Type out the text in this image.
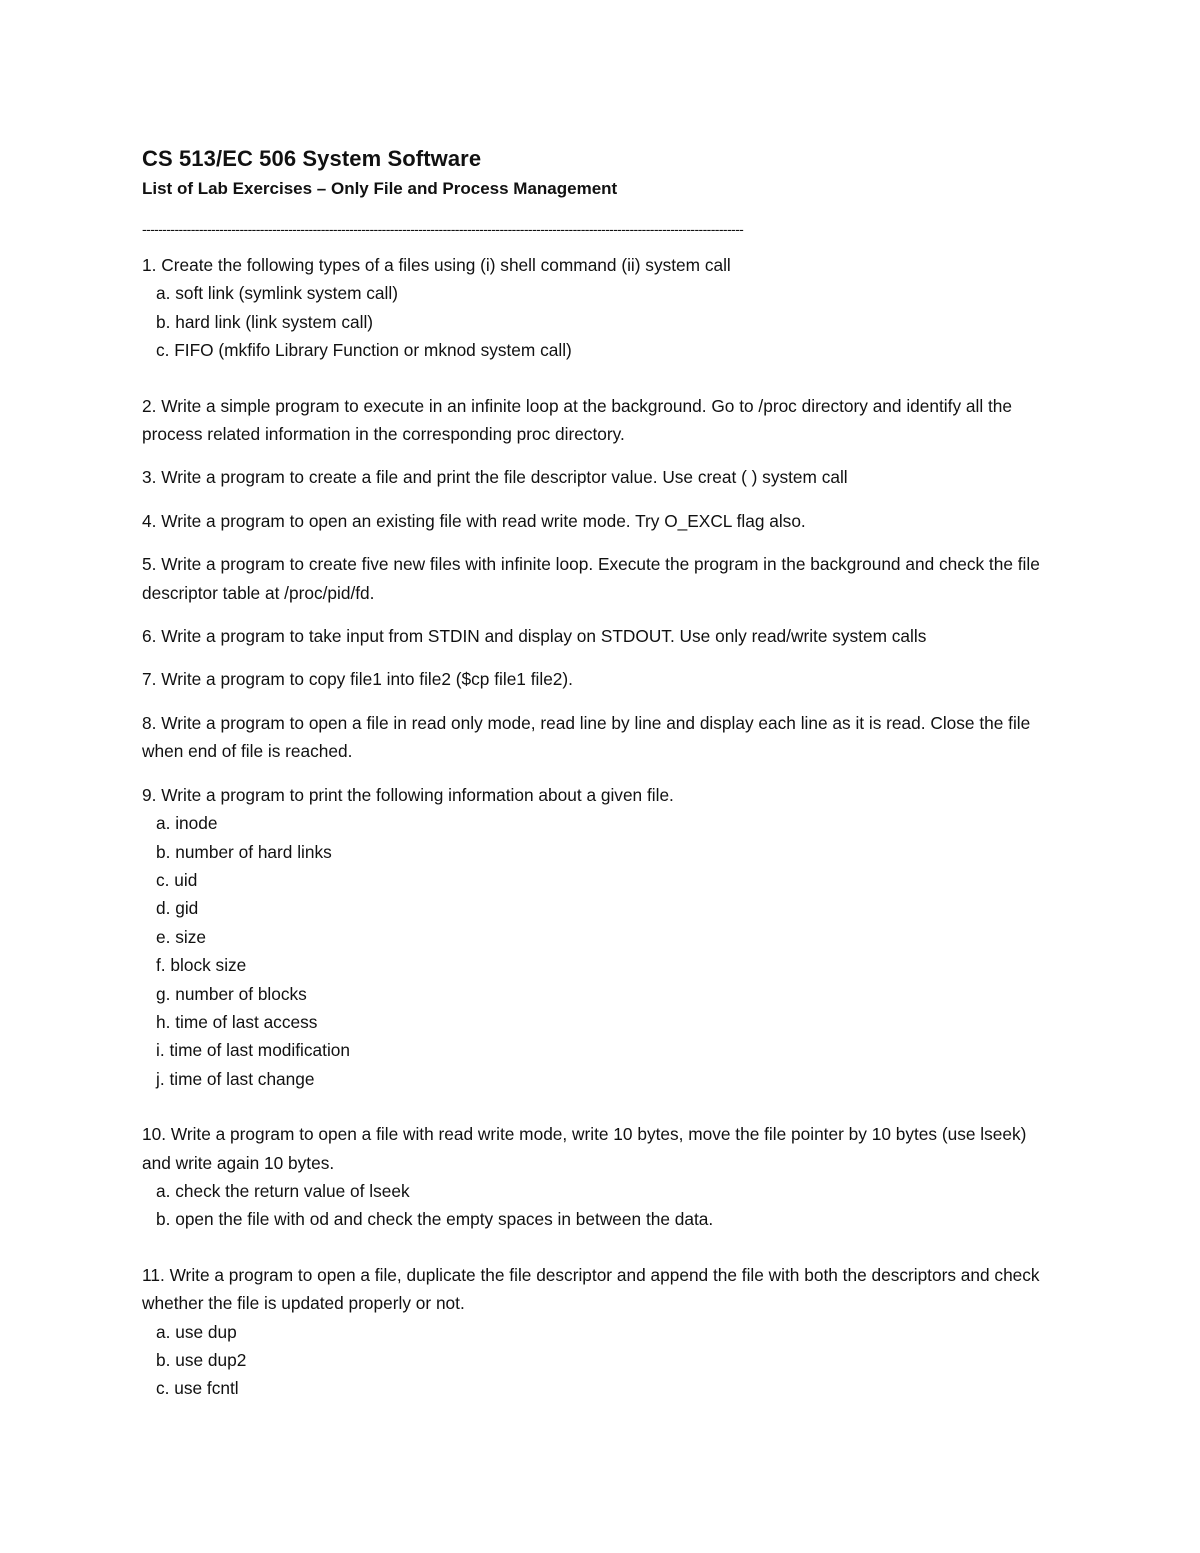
CS 513/EC 506 System Software
List of Lab Exercises – Only File and Process Management
----------------------------------------------------------------------------------------------------------------------------------------------------
1. Create the following types of a files using (i) shell command (ii) system call
a. soft link (symlink system call)
b. hard link (link system call)
c. FIFO (mkfifo Library Function or mknod system call)
2. Write a simple program to execute in an infinite loop at the background. Go to /proc directory and identify all the process related information in the corresponding proc directory.
3. Write a program to create a file and print the file descriptor value. Use creat ( ) system call
4. Write a program to open an existing file with read write mode. Try O_EXCL flag also.
5. Write a program to create five new files with infinite loop. Execute the program in the background and check the file descriptor table at /proc/pid/fd.
6. Write a program to take input from STDIN and display on STDOUT. Use only read/write system calls
7. Write a program to copy file1 into file2 ($cp file1 file2).
8. Write a program to open a file in read only mode, read line by line and display each line as it is read. Close the file when end of file is reached.
9. Write a program to print the following information about a given file.
a. inode
b. number of hard links
c. uid
d. gid
e. size
f. block size
g. number of blocks
h. time of last access
i. time of last modification
j. time of last change
10. Write a program to open a file with read write mode, write 10 bytes, move the file pointer by 10 bytes (use lseek) and write again 10 bytes.
a. check the return value of lseek
b. open the file with od and check the empty spaces in between the data.
11. Write a program to open a file, duplicate the file descriptor and append the file with both the descriptors and check whether the file is updated properly or not.
a. use dup
b. use dup2
c. use fcntl
